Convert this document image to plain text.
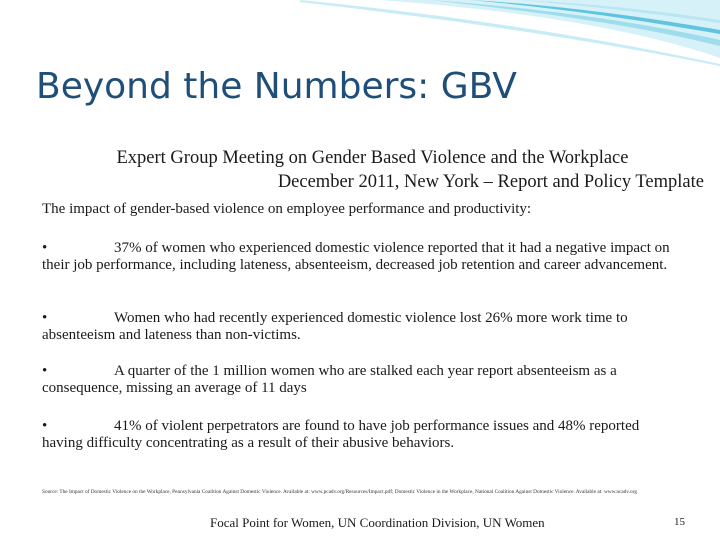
Beyond the Numbers: GBV
Expert Group Meeting on Gender Based Violence and the Workplace
December 2011, New York – Report and Policy Template
The impact of gender-based violence on employee performance and productivity:
•	37% of women who experienced domestic violence reported that it had a negative impact on their job performance, including lateness, absenteeism, decreased job retention and career advancement.
•	Women who had recently experienced domestic violence lost 26% more work time to absenteeism and lateness than non-victims.
•	A quarter of the 1 million women who are stalked each year report absenteeism as a consequence, missing an average of 11 days
•	41% of violent perpetrators are found to have job performance issues and 48% reported having difficulty concentrating as a result of their abusive behaviors.
Source: The Impact of Domestic Violence on the Workplace, Pennsylvania Coalition Against Domestic Violence. Available at: www.pcadv.org/Resources/Impact.pdf; Domestic Violence in the Workplace, National Coalition Against Domestic Violence. Available at: www.ncadv.org
Focal Point for Women, UN Coordination Division, UN Women	15
